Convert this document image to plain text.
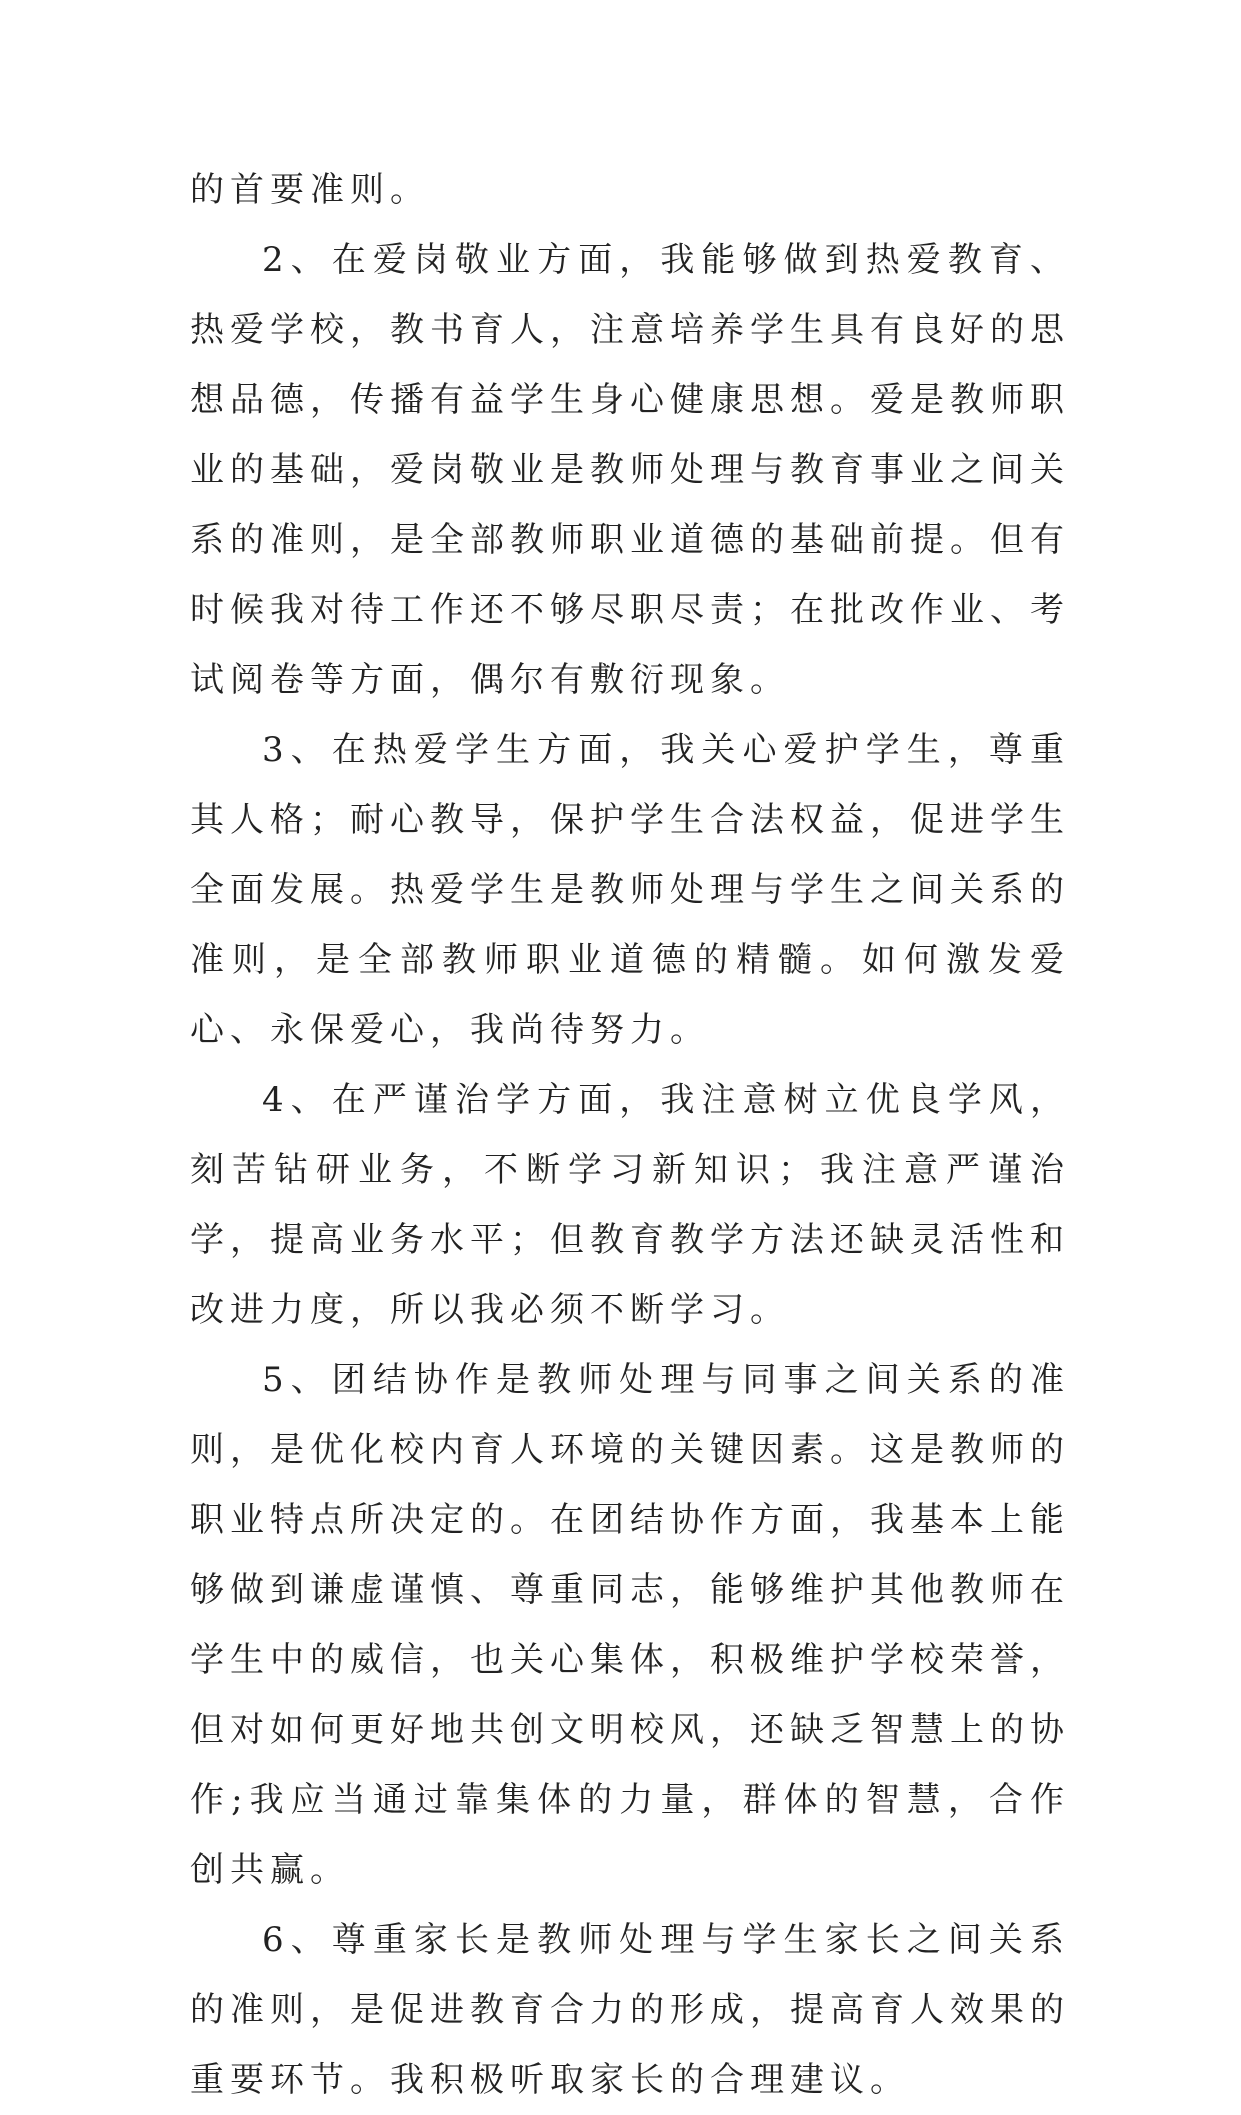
的首要准则。

2、在爱岗敬业方面，我能够做到热爱教育、热爱学校，教书育人，注意培养学生具有良好的思想品德，传播有益学生身心健康思想。爱是教师职业的基础，爱岗敬业是教师处理与教育事业之间关系的准则，是全部教师职业道德的基础前提。但有时候我对待工作还不够尽职尽责；在批改作业、考试阅卷等方面，偶尔有敷衍现象。

3、在热爱学生方面，我关心爱护学生，尊重其人格；耐心教导，保护学生合法权益，促进学生全面发展。热爱学生是教师处理与学生之间关系的准则，是全部教师职业道德的精髓。如何激发爱心、永保爱心，我尚待努力。

4、在严谨治学方面，我注意树立优良学风，刻苦钻研业务，不断学习新知识；我注意严谨治学，提高业务水平；但教育教学方法还缺灵活性和改进力度，所以我必须不断学习。

5、团结协作是教师处理与同事之间关系的准则，是优化校内育人环境的关键因素。这是教师的职业特点所决定的。在团结协作方面，我基本上能够做到谦虚谨慎、尊重同志，能够维护其他教师在学生中的威信，也关心集体，积极维护学校荣誉，但对如何更好地共创文明校风，还缺乏智慧上的协作;我应当通过靠集体的力量，群体的智慧，合作创共赢。

6、尊重家长是教师处理与学生家长之间关系的准则，是促进教育合力的形成，提高育人效果的重要环节。我积极听取家长的合理建议。
